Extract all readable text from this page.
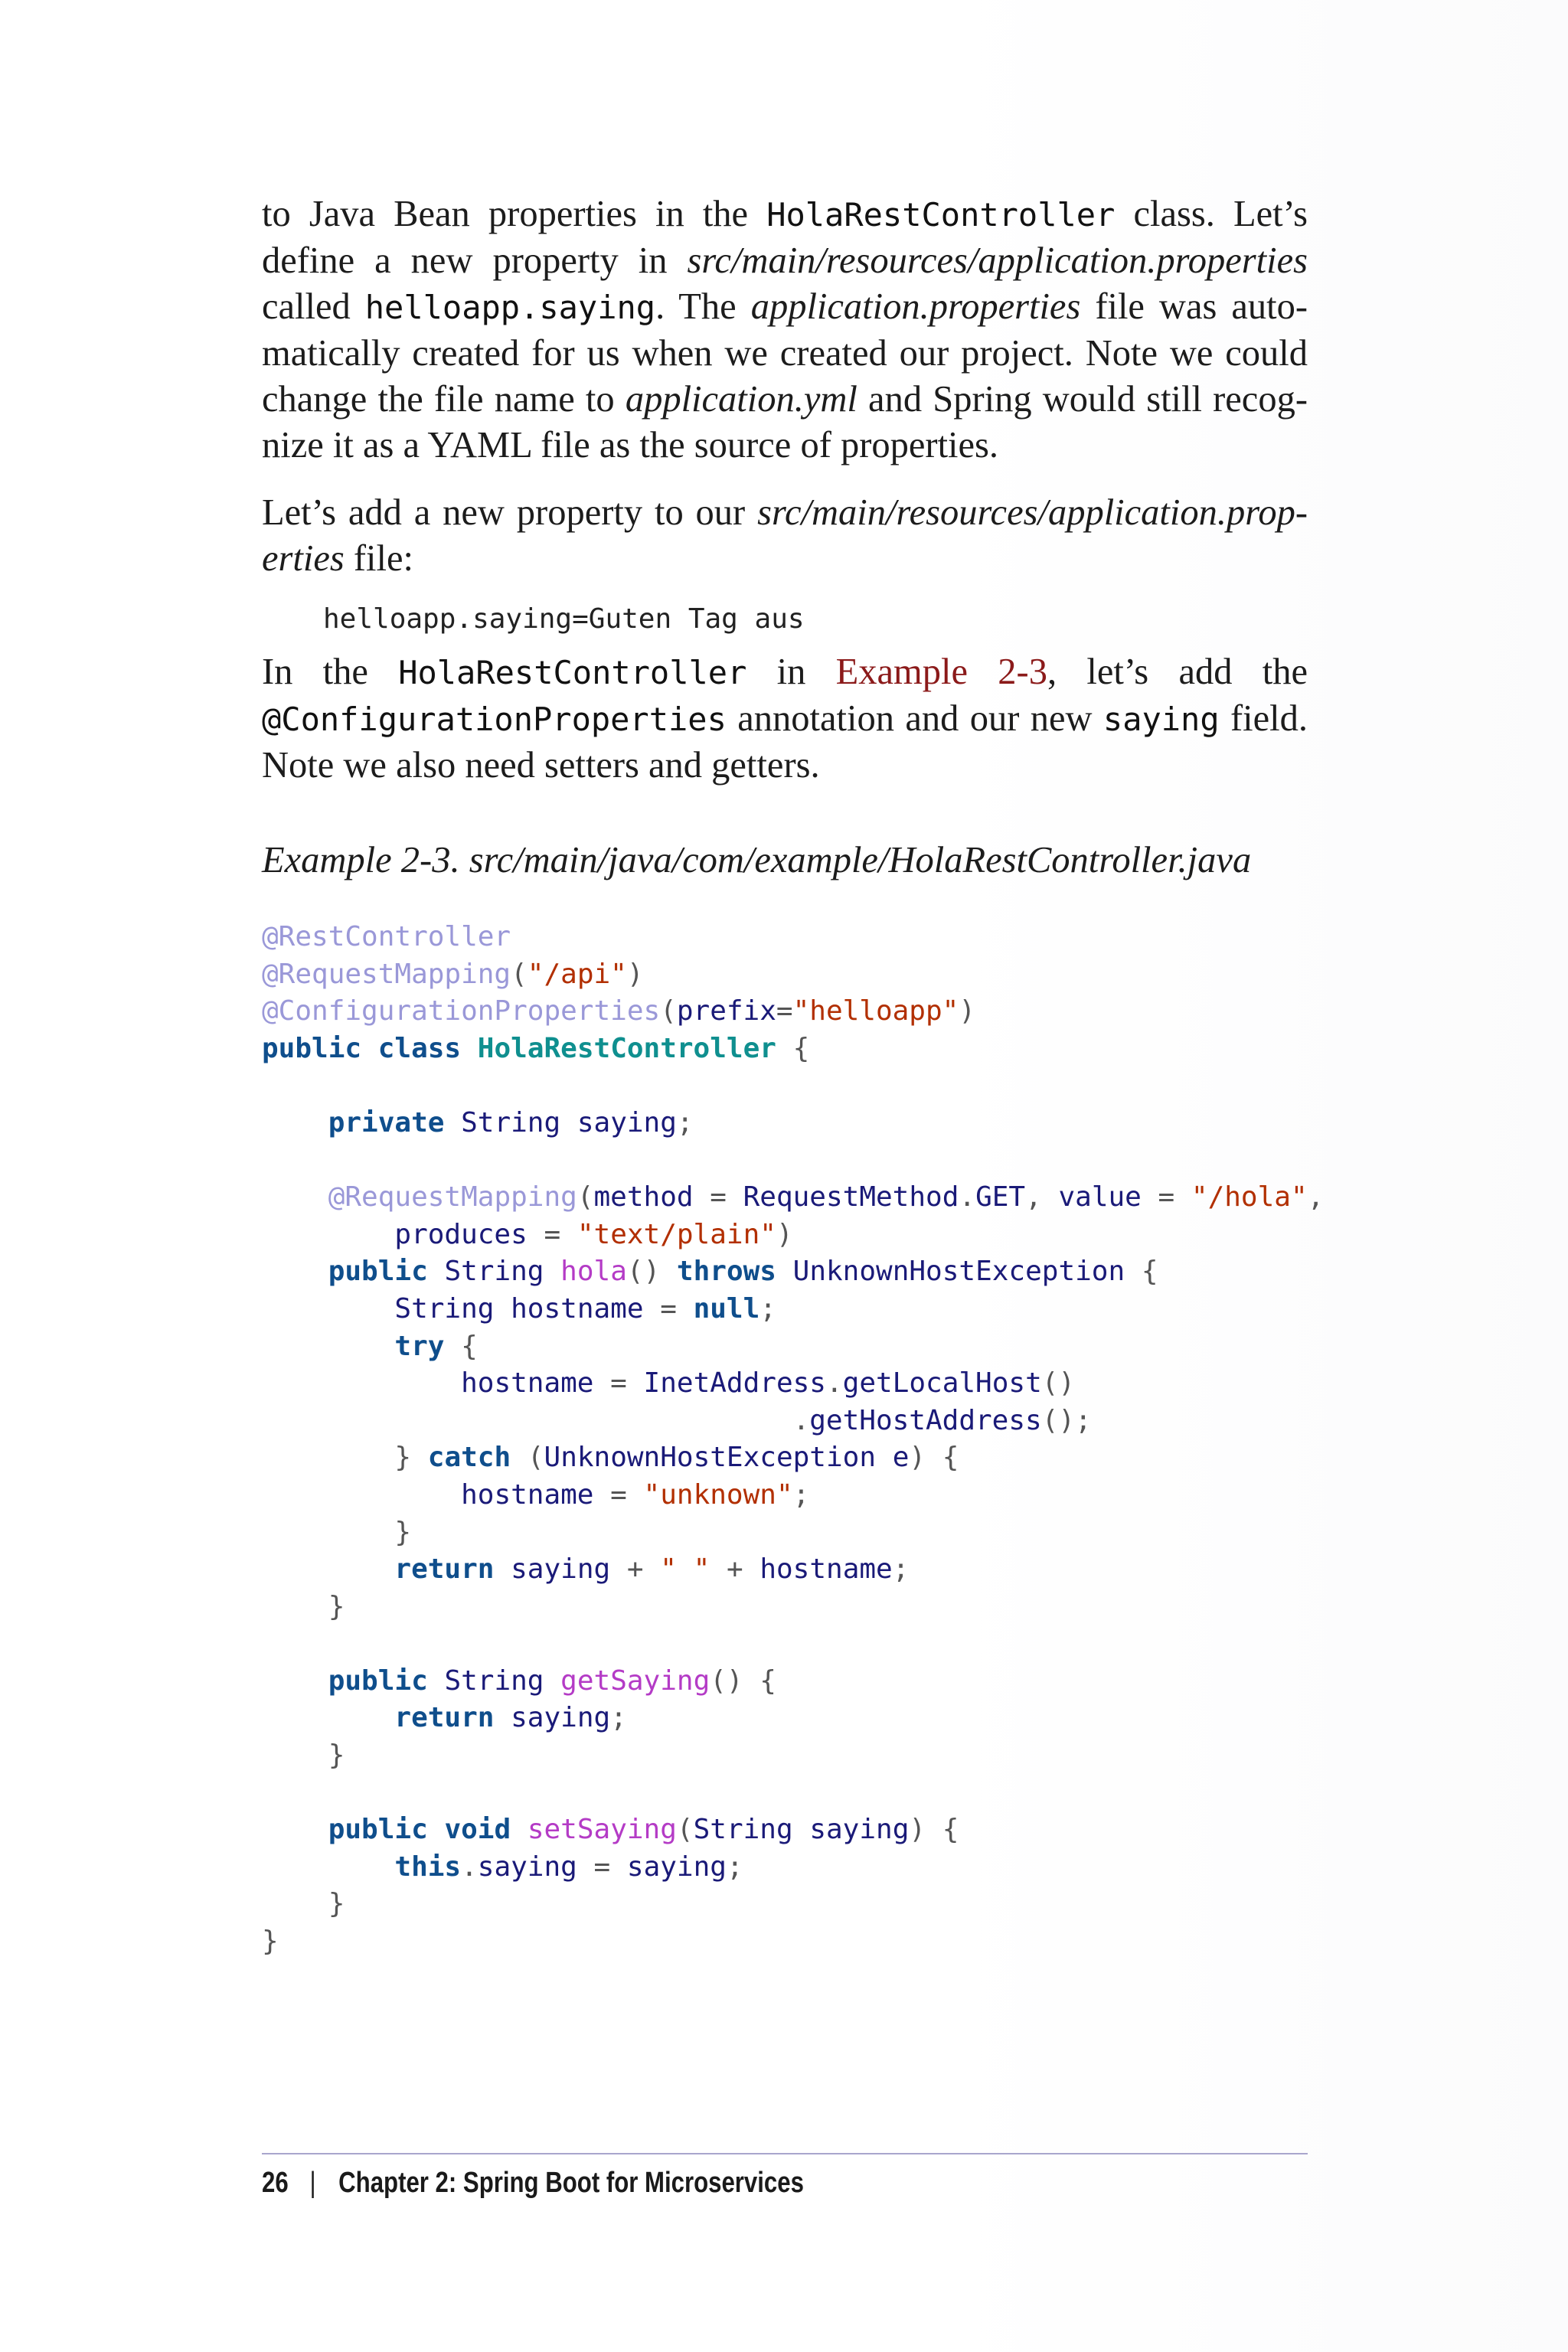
to Java Bean properties in the HolaRestController class. Let’s define a new property in src/main/resources/application.properties called helloapp.saying. The application.properties file was automatically created for us when we created our project. Note we could change the file name to application.yml and Spring would still recognize it as a YAML file as the source of properties.

Let’s add a new property to our src/main/resources/application.properties file:

helloapp.saying=Guten Tag aus

In the HolaRestController in Example 2-3, let’s add the @ConfigurationProperties annotation and our new saying field. Note we also need setters and getters.

Example 2-3. src/main/java/com/example/HolaRestController.java
@RestController
@RequestMapping("/api")
@ConfigurationProperties(prefix="helloapp")
public class HolaRestController {

private String saying;

@RequestMapping(method = RequestMethod.GET, value = "/hola",
produces = "text/plain")
public String hola() throws UnknownHostException {
String hostname = null;
try {
hostname = InetAddress.getLocalHost()
.getHostAddress();
} catch (UnknownHostException e) {
hostname = "unknown";
}
return saying + " " + hostname;
}

public String getSaying() {
return saying;
}

public void setSaying(String saying) {
this.saying = saying;
}
}
26 | Chapter 2: Spring Boot for Microservices
